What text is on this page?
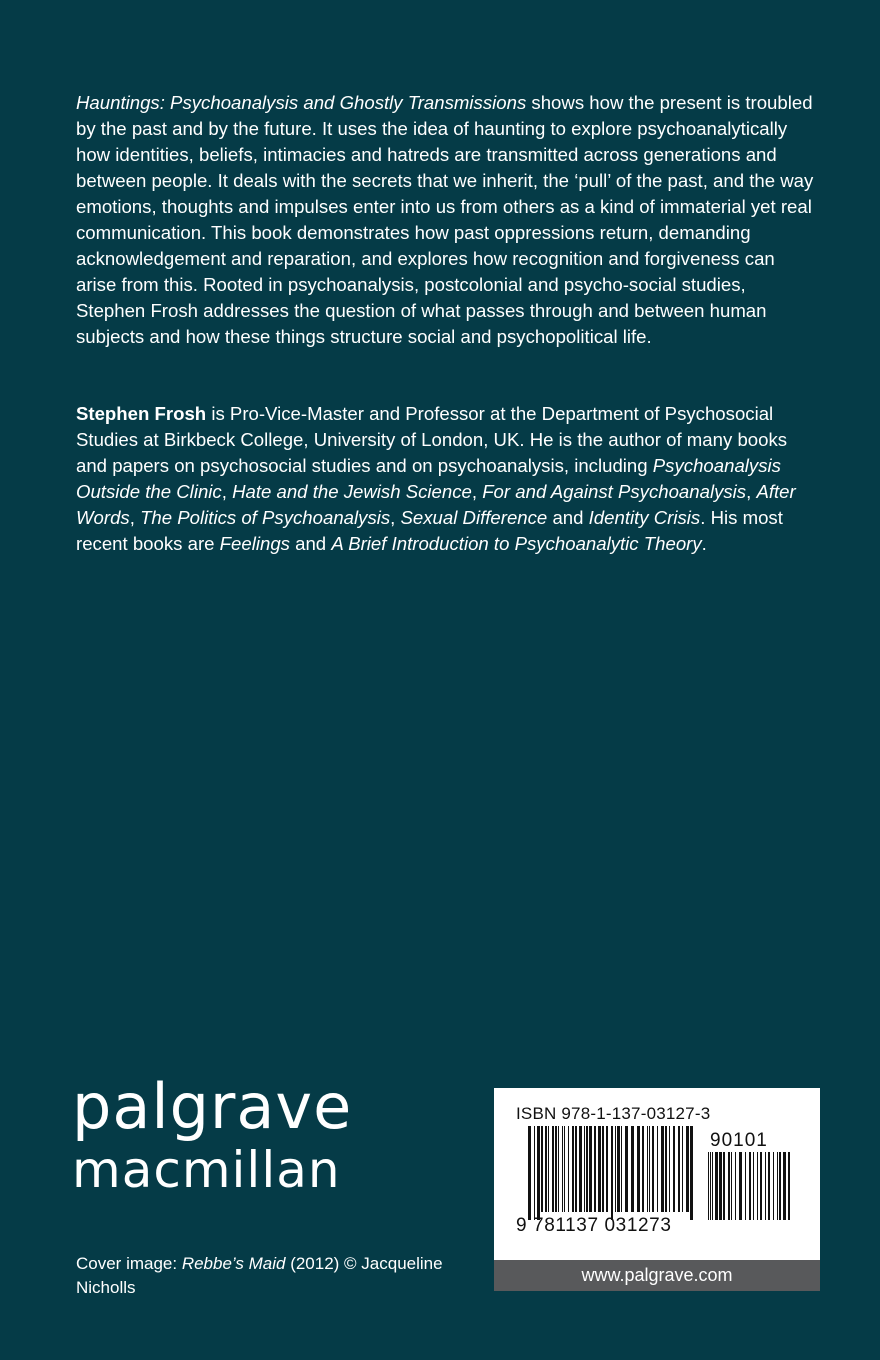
Hauntings: Psychoanalysis and Ghostly Transmissions shows how the present is troubled by the past and by the future. It uses the idea of haunting to explore psychoanalytically how identities, beliefs, intimacies and hatreds are transmitted across generations and between people. It deals with the secrets that we inherit, the ‘pull’ of the past, and the way emotions, thoughts and impulses enter into us from others as a kind of immaterial yet real communication. This book demonstrates how past oppressions return, demanding acknowledgement and reparation, and explores how recognition and forgiveness can arise from this. Rooted in psychoanalysis, postcolonial and psycho-social studies, Stephen Frosh addresses the question of what passes through and between human subjects and how these things structure social and psychopolitical life.

Stephen Frosh is Pro-Vice-Master and Professor at the Department of Psychosocial Studies at Birkbeck College, University of London, UK. He is the author of many books and papers on psychosocial studies and on psychoanalysis, including Psychoanalysis Outside the Clinic, Hate and the Jewish Science, For and Against Psychoanalysis, After Words, The Politics of Psychoanalysis, Sexual Difference and Identity Crisis. His most recent books are Feelings and A Brief Introduction to Psychoanalytic Theory.

palgrave
macmillan

Cover image: Rebbe’s Maid (2012) © Jacqueline Nicholls

ISBN 978-1-137-03127-3
90101
9 781137 031273
www.palgrave.com
